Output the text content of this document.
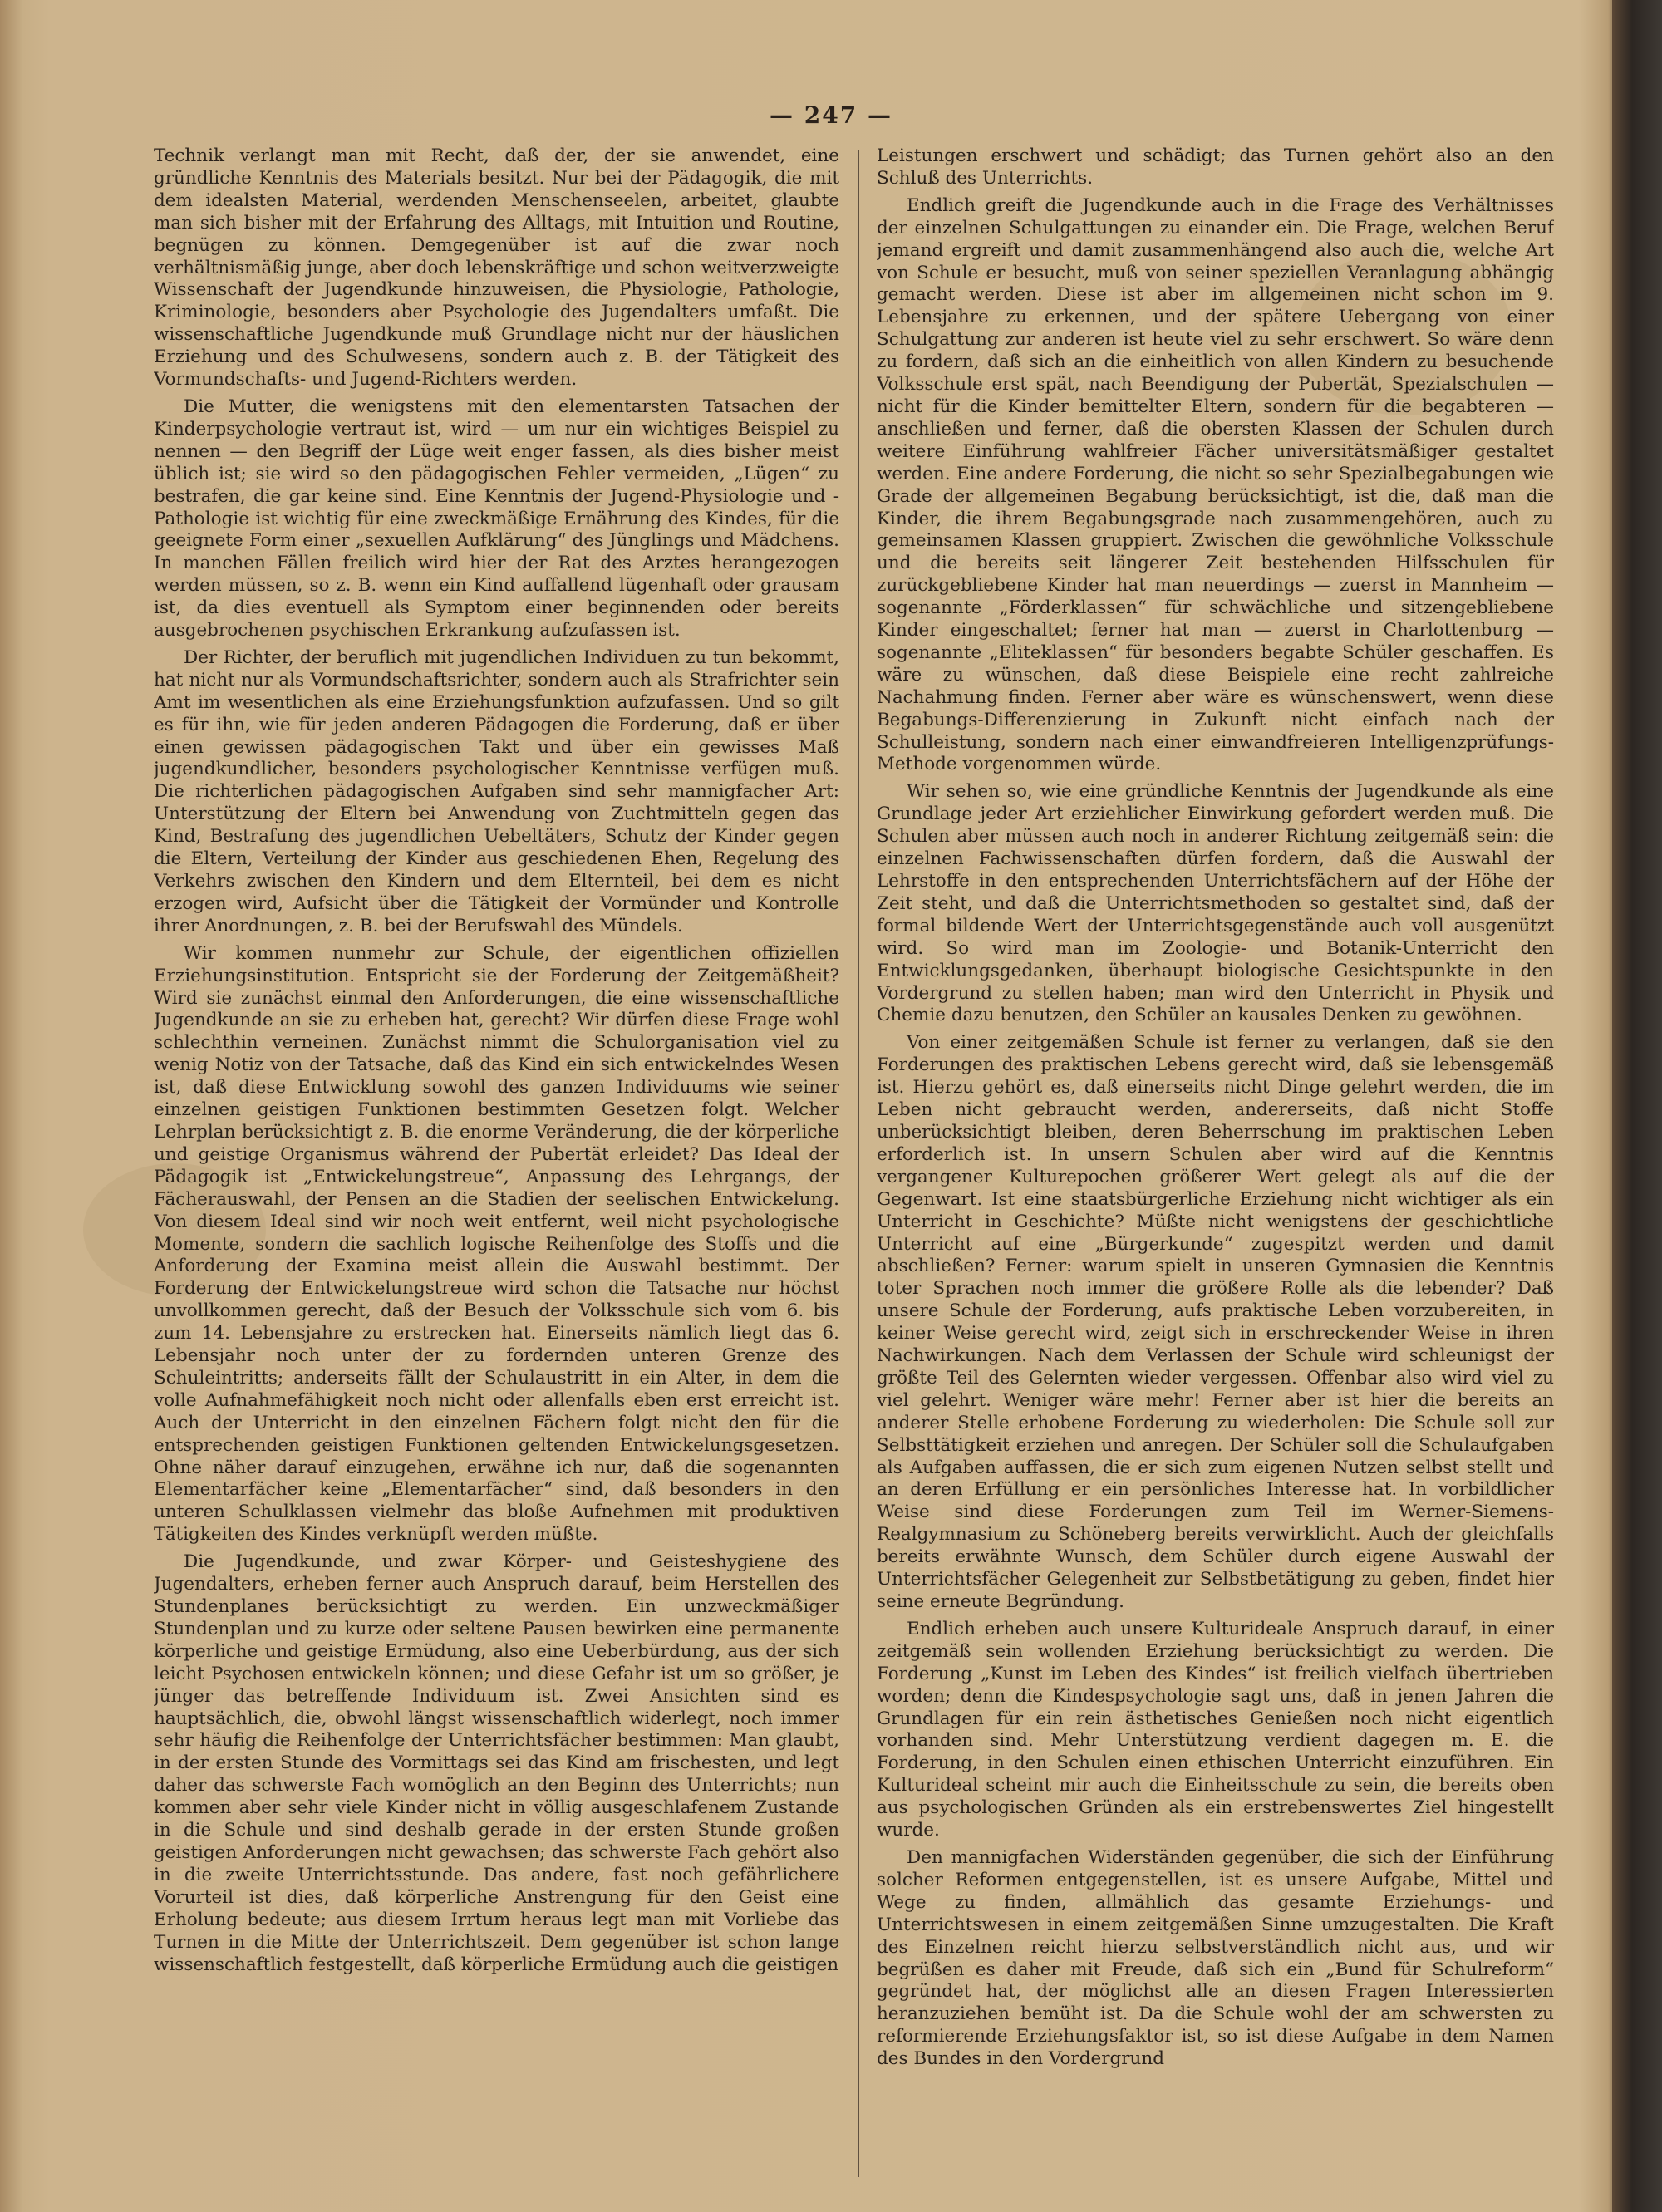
— 247 —

Technik verlangt man mit Recht, daß der, der sie anwendet, eine gründliche Kenntnis des Materials besitzt. Nur bei der Pädagogik, die mit dem idealsten Material, werdenden Menschenseelen, arbeitet, glaubte man sich bisher mit der Erfahrung des Alltags, mit Intuition und Routine, begnügen zu können. Demgegenüber ist auf die zwar noch verhältnismäßig junge, aber doch lebenskräftige und schon weitverzweigte Wissenschaft der Jugendkunde hinzuweisen, die Physiologie, Pathologie, Kriminologie, besonders aber Psychologie des Jugendalters umfaßt. Die wissenschaftliche Jugendkunde muß Grundlage nicht nur der häuslichen Erziehung und des Schulwesens, sondern auch z. B. der Tätigkeit des Vormundschafts- und Jugend-Richters werden.

Die Mutter, die wenigstens mit den elementarsten Tatsachen der Kinderpsychologie vertraut ist, wird — um nur ein wichtiges Beispiel zu nennen — den Begriff der Lüge weit enger fassen, als dies bisher meist üblich ist; sie wird so den pädagogischen Fehler vermeiden, „Lügen“ zu bestrafen, die gar keine sind. Eine Kenntnis der Jugend-Physiologie und -Pathologie ist wichtig für eine zweckmäßige Ernährung des Kindes, für die geeignete Form einer „sexuellen Aufklärung“ des Jünglings und Mädchens. In manchen Fällen freilich wird hier der Rat des Arztes herangezogen werden müssen, so z. B. wenn ein Kind auffallend lügenhaft oder grausam ist, da dies eventuell als Symptom einer beginnenden oder bereits ausgebrochenen psychischen Erkrankung aufzufassen ist.

Der Richter, der beruflich mit jugendlichen Individuen zu tun bekommt, hat nicht nur als Vormundschaftsrichter, sondern auch als Strafrichter sein Amt im wesentlichen als eine Erziehungsfunktion aufzufassen. Und so gilt es für ihn, wie für jeden anderen Pädagogen die Forderung, daß er über einen gewissen pädagogischen Takt und über ein gewisses Maß jugendkundlicher, besonders psychologischer Kenntnisse verfügen muß. Die richterlichen pädagogischen Aufgaben sind sehr mannigfacher Art: Unterstützung der Eltern bei Anwendung von Zuchtmitteln gegen das Kind, Bestrafung des jugendlichen Uebeltäters, Schutz der Kinder gegen die Eltern, Verteilung der Kinder aus geschiedenen Ehen, Regelung des Verkehrs zwischen den Kindern und dem Elternteil, bei dem es nicht erzogen wird, Aufsicht über die Tätigkeit der Vormünder und Kontrolle ihrer Anordnungen, z. B. bei der Berufswahl des Mündels.

Wir kommen nunmehr zur Schule, der eigentlichen offiziellen Erziehungsinstitution. Entspricht sie der Forderung der Zeitgemäßheit? Wird sie zunächst einmal den Anforderungen, die eine wissenschaftliche Jugendkunde an sie zu erheben hat, gerecht? Wir dürfen diese Frage wohl schlechthin verneinen. Zunächst nimmt die Schulorganisation viel zu wenig Notiz von der Tatsache, daß das Kind ein sich entwickelndes Wesen ist, daß diese Entwicklung sowohl des ganzen Individuums wie seiner einzelnen geistigen Funktionen bestimmten Gesetzen folgt. Welcher Lehrplan berücksichtigt z. B. die enorme Veränderung, die der körperliche und geistige Organismus während der Pubertät erleidet? Das Ideal der Pädagogik ist „Entwickelungstreue“, Anpassung des Lehrgangs, der Fächerauswahl, der Pensen an die Stadien der seelischen Entwickelung. Von diesem Ideal sind wir noch weit entfernt, weil nicht psychologische Momente, sondern die sachlich logische Reihenfolge des Stoffs und die Anforderung der Examina meist allein die Auswahl bestimmt. Der Forderung der Entwickelungstreue wird schon die Tatsache nur höchst unvollkommen gerecht, daß der Besuch der Volksschule sich vom 6. bis zum 14. Lebensjahre zu erstrecken hat. Einerseits nämlich liegt das 6. Lebensjahr noch unter der zu fordernden unteren Grenze des Schuleintritts; anderseits fällt der Schulaustritt in ein Alter, in dem die volle Aufnahmefähigkeit noch nicht oder allenfalls eben erst erreicht ist. Auch der Unterricht in den einzelnen Fächern folgt nicht den für die entsprechenden geistigen Funktionen geltenden Entwickelungsgesetzen. Ohne näher darauf einzugehen, erwähne ich nur, daß die sogenannten Elementarfächer keine „Elementarfächer“ sind, daß besonders in den unteren Schulklassen vielmehr das bloße Aufnehmen mit produktiven Tätigkeiten des Kindes verknüpft werden müßte.

Die Jugendkunde, und zwar Körper- und Geisteshygiene des Jugendalters, erheben ferner auch Anspruch darauf, beim Herstellen des Stundenplanes berücksichtigt zu werden. Ein unzweckmäßiger Stundenplan und zu kurze oder seltene Pausen bewirken eine permanente körperliche und geistige Ermüdung, also eine Ueberbürdung, aus der sich leicht Psychosen entwickeln können; und diese Gefahr ist um so größer, je jünger das betreffende Individuum ist. Zwei Ansichten sind es hauptsächlich, die, obwohl längst wissenschaftlich widerlegt, noch immer sehr häufig die Reihenfolge der Unterrichtsfächer bestimmen: Man glaubt, in der ersten Stunde des Vormittags sei das Kind am frischesten, und legt daher das schwerste Fach womöglich an den Beginn des Unterrichts; nun kommen aber sehr viele Kinder nicht in völlig ausgeschlafenem Zustande in die Schule und sind deshalb gerade in der ersten Stunde großen geistigen Anforderungen nicht gewachsen; das schwerste Fach gehört also in die zweite Unterrichtsstunde. Das andere, fast noch gefährlichere Vorurteil ist dies, daß körperliche Anstrengung für den Geist eine Erholung bedeute; aus diesem Irrtum heraus legt man mit Vorliebe das Turnen in die Mitte der Unterrichtszeit. Dem gegenüber ist schon lange wissenschaftlich festgestellt, daß körperliche Ermüdung auch die geistigen

Leistungen erschwert und schädigt; das Turnen gehört also an den Schluß des Unterrichts.

Endlich greift die Jugendkunde auch in die Frage des Verhältnisses der einzelnen Schulgattungen zu einander ein. Die Frage, welchen Beruf jemand ergreift und damit zusammenhängend also auch die, welche Art von Schule er besucht, muß von seiner speziellen Veranlagung abhängig gemacht werden. Diese ist aber im allgemeinen nicht schon im 9. Lebensjahre zu erkennen, und der spätere Uebergang von einer Schulgattung zur anderen ist heute viel zu sehr erschwert. So wäre denn zu fordern, daß sich an die einheitlich von allen Kindern zu besuchende Volksschule erst spät, nach Beendigung der Pubertät, Spezialschulen — nicht für die Kinder bemittelter Eltern, sondern für die begabteren — anschließen und ferner, daß die obersten Klassen der Schulen durch weitere Einführung wahlfreier Fächer universitätsmäßiger gestaltet werden. Eine andere Forderung, die nicht so sehr Spezialbegabungen wie Grade der allgemeinen Begabung berücksichtigt, ist die, daß man die Kinder, die ihrem Begabungsgrade nach zusammengehören, auch zu gemeinsamen Klassen gruppiert. Zwischen die gewöhnliche Volksschule und die bereits seit längerer Zeit bestehenden Hilfsschulen für zurückgebliebene Kinder hat man neuerdings — zuerst in Mannheim — sogenannte „Förderklassen“ für schwächliche und sitzengebliebene Kinder eingeschaltet; ferner hat man — zuerst in Charlottenburg — sogenannte „Eliteklassen“ für besonders begabte Schüler geschaffen. Es wäre zu wünschen, daß diese Beispiele eine recht zahlreiche Nachahmung finden. Ferner aber wäre es wünschenswert, wenn diese Begabungs-Differenzierung in Zukunft nicht einfach nach der Schulleistung, sondern nach einer einwandfreieren Intelligenzprüfungs-Methode vorgenommen würde.

Wir sehen so, wie eine gründliche Kenntnis der Jugendkunde als eine Grundlage jeder Art erziehlicher Einwirkung gefordert werden muß. Die Schulen aber müssen auch noch in anderer Richtung zeitgemäß sein: die einzelnen Fachwissenschaften dürfen fordern, daß die Auswahl der Lehrstoffe in den entsprechenden Unterrichtsfächern auf der Höhe der Zeit steht, und daß die Unterrichtsmethoden so gestaltet sind, daß der formal bildende Wert der Unterrichtsgegenstände auch voll ausgenützt wird. So wird man im Zoologie- und Botanik-Unterricht den Entwicklungsgedanken, überhaupt biologische Gesichtspunkte in den Vordergrund zu stellen haben; man wird den Unterricht in Physik und Chemie dazu benutzen, den Schüler an kausales Denken zu gewöhnen.

Von einer zeitgemäßen Schule ist ferner zu verlangen, daß sie den Forderungen des praktischen Lebens gerecht wird, daß sie lebensgemäß ist. Hierzu gehört es, daß einerseits nicht Dinge gelehrt werden, die im Leben nicht gebraucht werden, andererseits, daß nicht Stoffe unberücksichtigt bleiben, deren Beherrschung im praktischen Leben erforderlich ist. In unsern Schulen aber wird auf die Kenntnis vergangener Kulturepochen größerer Wert gelegt als auf die der Gegenwart. Ist eine staatsbürgerliche Erziehung nicht wichtiger als ein Unterricht in Geschichte? Müßte nicht wenigstens der geschichtliche Unterricht auf eine „Bürgerkunde“ zugespitzt werden und damit abschließen? Ferner: warum spielt in unseren Gymnasien die Kenntnis toter Sprachen noch immer die größere Rolle als die lebender? Daß unsere Schule der Forderung, aufs praktische Leben vorzubereiten, in keiner Weise gerecht wird, zeigt sich in erschreckender Weise in ihren Nachwirkungen. Nach dem Verlassen der Schule wird schleunigst der größte Teil des Gelernten wieder vergessen. Offenbar also wird viel zu viel gelehrt. Weniger wäre mehr! Ferner aber ist hier die bereits an anderer Stelle erhobene Forderung zu wiederholen: Die Schule soll zur Selbsttätigkeit erziehen und anregen. Der Schüler soll die Schulaufgaben als Aufgaben auffassen, die er sich zum eigenen Nutzen selbst stellt und an deren Erfüllung er ein persönliches Interesse hat. In vorbildlicher Weise sind diese Forderungen zum Teil im Werner-Siemens-Realgymnasium zu Schöneberg bereits verwirklicht. Auch der gleichfalls bereits erwähnte Wunsch, dem Schüler durch eigene Auswahl der Unterrichtsfächer Gelegenheit zur Selbstbetätigung zu geben, findet hier seine erneute Begründung.

Endlich erheben auch unsere Kulturideale Anspruch darauf, in einer zeitgemäß sein wollenden Erziehung berücksichtigt zu werden. Die Forderung „Kunst im Leben des Kindes“ ist freilich vielfach übertrieben worden; denn die Kindespsychologie sagt uns, daß in jenen Jahren die Grundlagen für ein rein ästhetisches Genießen noch nicht eigentlich vorhanden sind. Mehr Unterstützung verdient dagegen m. E. die Forderung, in den Schulen einen ethischen Unterricht einzuführen. Ein Kulturideal scheint mir auch die Einheitsschule zu sein, die bereits oben aus psychologischen Gründen als ein erstrebenswertes Ziel hingestellt wurde.

Den mannigfachen Widerständen gegenüber, die sich der Einführung solcher Reformen entgegenstellen, ist es unsere Aufgabe, Mittel und Wege zu finden, allmählich das gesamte Erziehungs- und Unterrichtswesen in einem zeitgemäßen Sinne umzugestalten. Die Kraft des Einzelnen reicht hierzu selbstverständlich nicht aus, und wir begrüßen es daher mit Freude, daß sich ein „Bund für Schulreform“ gegründet hat, der möglichst alle an diesen Fragen Interessierten heranzuziehen bemüht ist. Da die Schule wohl der am schwersten zu reformierende Erziehungsfaktor ist, so ist diese Aufgabe in dem Namen des Bundes in den Vordergrund
